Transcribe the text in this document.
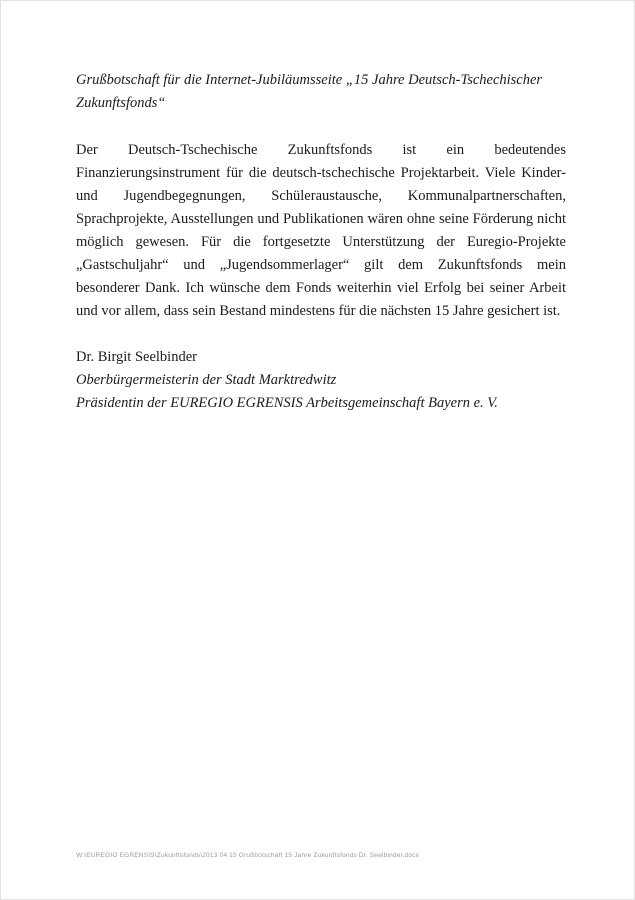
Grußbotschaft für die Internet-Jubiläumsseite „15 Jahre Deutsch-Tschechischer Zukunftsfonds“

Der Deutsch-Tschechische Zukunftsfonds ist ein bedeutendes Finanzierungsinstrument für die deutsch-tschechische Projektarbeit. Viele Kinder- und Jugendbegegnungen, Schüleraustausche, Kommunalpartnerschaften, Sprachprojekte, Ausstellungen und Publikationen wären ohne seine Förderung nicht möglich gewesen. Für die fortgesetzte Unterstützung der Euregio-Projekte „Gastschuljahr“ und „Jugendsommerlager“ gilt dem Zukunftsfonds mein besonderer Dank. Ich wünsche dem Fonds weiterhin viel Erfolg bei seiner Arbeit und vor allem, dass sein Bestand mindestens für die nächsten 15 Jahre gesichert ist.

Dr. Birgit Seelbinder

Oberbürgermeisterin der Stadt Marktredwitz

Präsidentin der EUREGIO EGRENSIS Arbeitsgemeinschaft Bayern e. V.

W:\EUREGIO EGRENSIS\Zukunftsfonds\2013 04 15 Grußbotschaft 15 Jahre Zukunftsfonds Dr. Seelbinder.docx
